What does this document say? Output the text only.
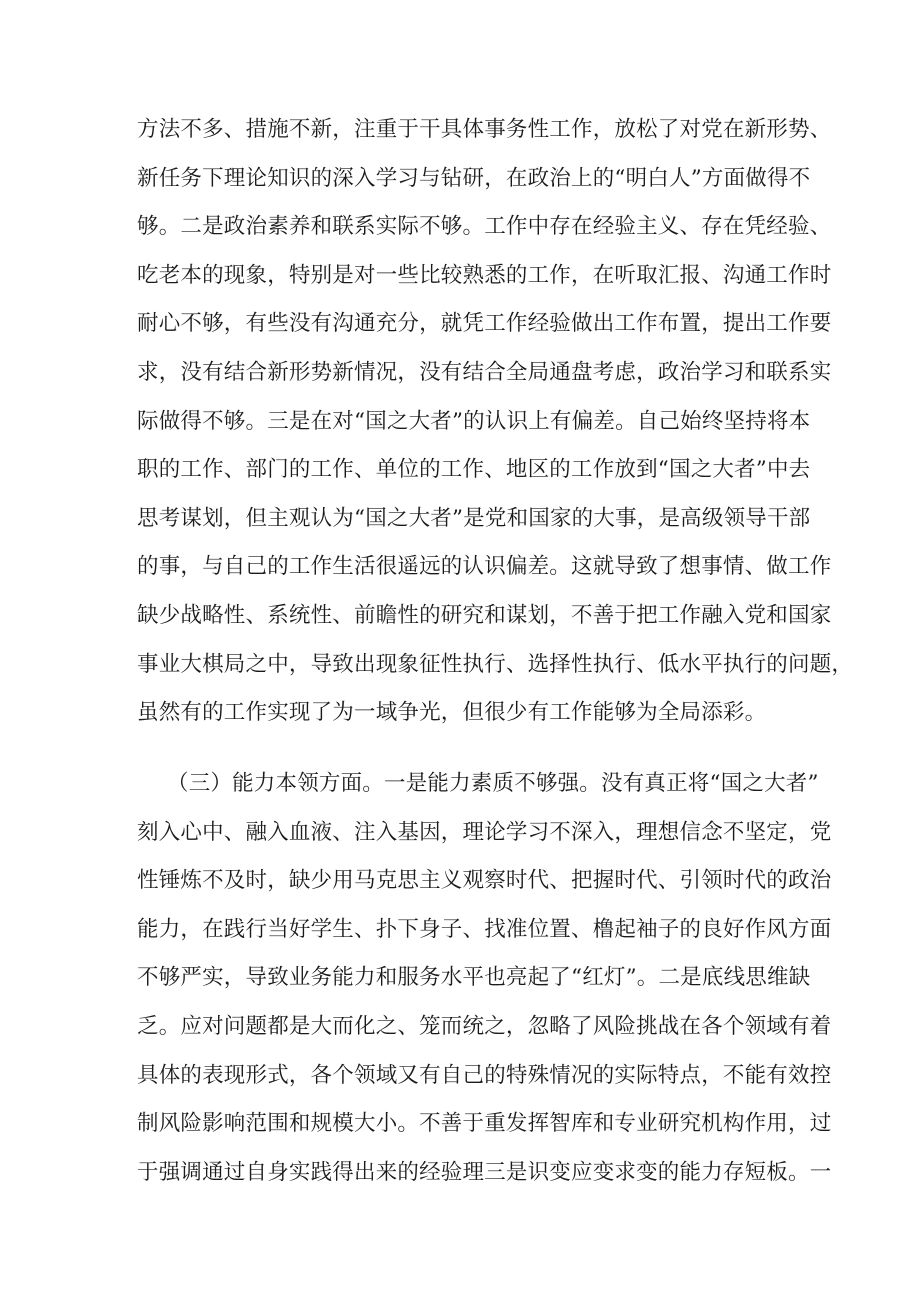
方法不多、措施不新，注重于干具体事务性工作，放松了对党在新形势、
新任务下理论知识的深入学习与钻研，在政治上的“明白人”方面做得不
够。二是政治素养和联系实际不够。工作中存在经验主义、存在凭经验、
吃老本的现象，特别是对一些比较熟悉的工作，在听取汇报、沟通工作时
耐心不够，有些没有沟通充分，就凭工作经验做出工作布置，提出工作要
求，没有结合新形势新情况，没有结合全局通盘考虑，政治学习和联系实
际做得不够。三是在对“国之大者”的认识上有偏差。自己始终坚持将本
职的工作、部门的工作、单位的工作、地区的工作放到“国之大者”中去
思考谋划，但主观认为“国之大者”是党和国家的大事，是高级领导干部
的事，与自己的工作生活很遥远的认识偏差。这就导致了想事情、做工作
缺少战略性、系统性、前瞻性的研究和谋划，不善于把工作融入党和国家
事业大棋局之中，导致出现象征性执行、选择性执行、低水平执行的问题，
虽然有的工作实现了为一域争光，但很少有工作能够为全局添彩。
（三）能力本领方面。一是能力素质不够强。没有真正将“国之大者”
刻入心中、融入血液、注入基因，理论学习不深入，理想信念不坚定，党
性锤炼不及时，缺少用马克思主义观察时代、把握时代、引领时代的政治
能力，在践行当好学生、扑下身子、找准位置、橹起袖子的良好作风方面
不够严实，导致业务能力和服务水平也亮起了“红灯”。二是底线思维缺
乏。应对问题都是大而化之、笼而统之，忽略了风险挑战在各个领域有着
具体的表现形式，各个领域又有自己的特殊情况的实际特点，不能有效控
制风险影响范围和规模大小。不善于重发挥智库和专业研究机构作用，过
于强调通过自身实践得出来的经验理三是识变应变求变的能力存短板。一
